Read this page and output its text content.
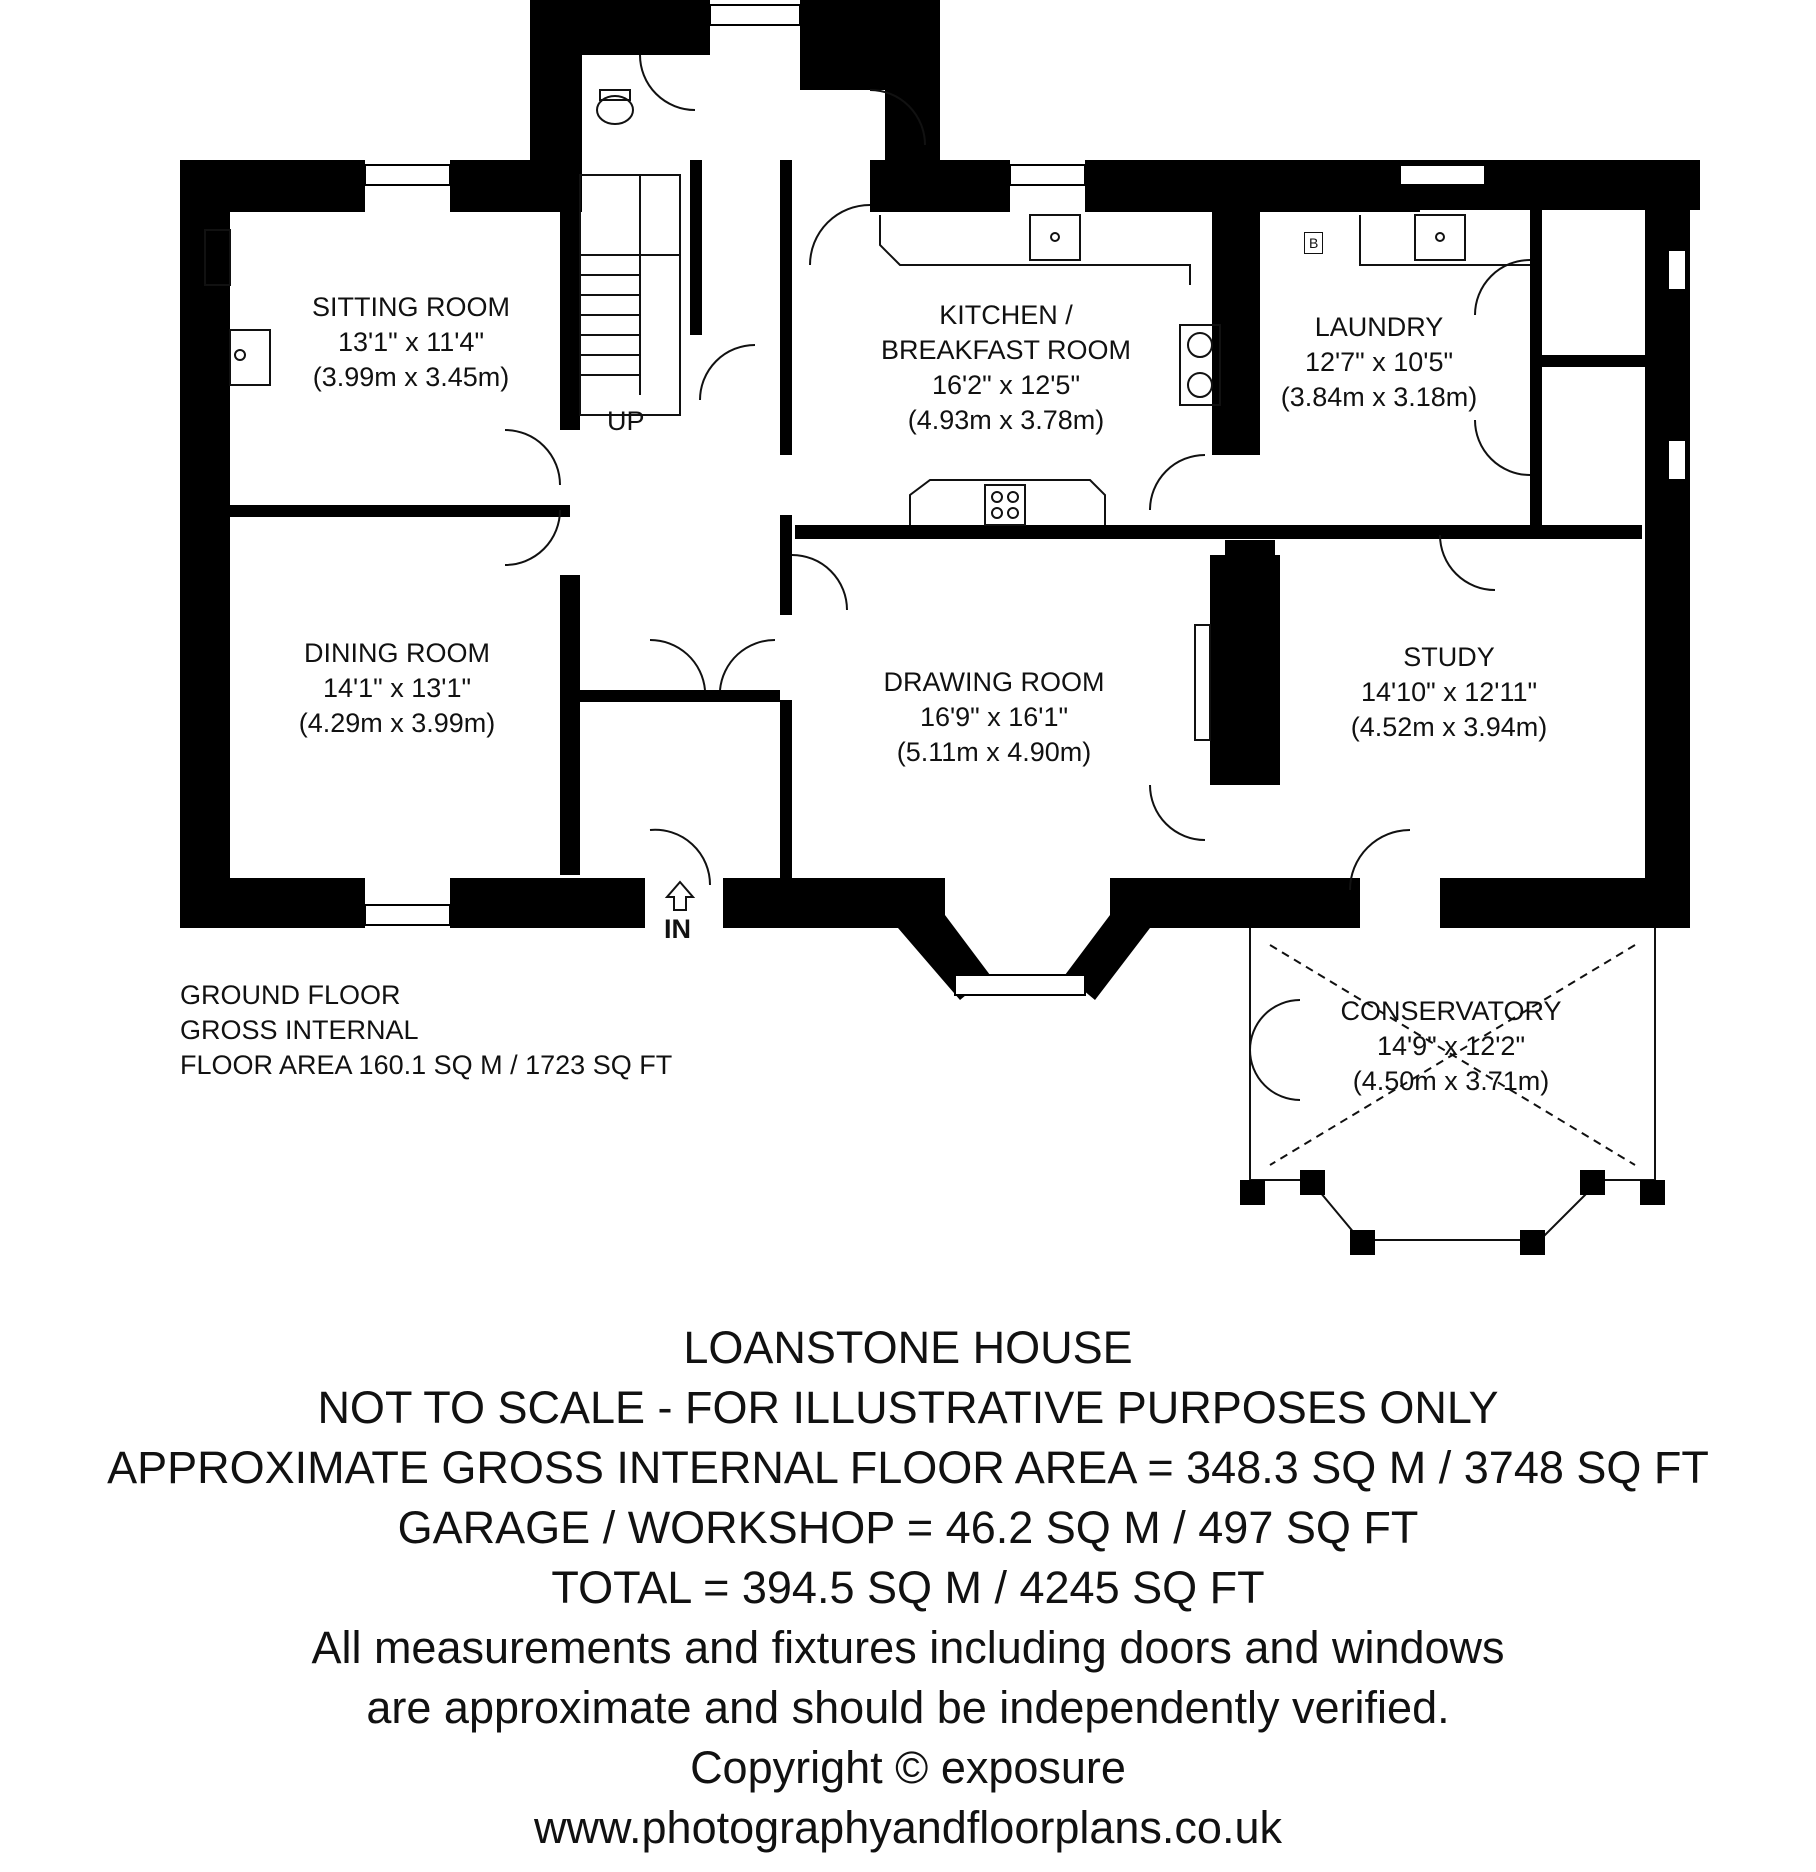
SITTING ROOM
13'1" x 11'4"
(3.99m x 3.45m)
DINING ROOM
14'1" x 13'1"
(4.29m x 3.99m)
KITCHEN /
BREAKFAST ROOM
16'2" x 12'5"
(4.93m x 3.78m)
LAUNDRY
12'7" x 10'5"
(3.84m x 3.18m)
DRAWING ROOM
16'9" x 16'1"
(5.11m x 4.90m)
STUDY
14'10" x 12'11"
(4.52m x 3.94m)
CONSERVATORY
14'9" x 12'2"
(4.50m x 3.71m)
UP
IN
B
GROUND FLOOR
GROSS INTERNAL
FLOOR AREA 160.1 SQ M / 1723 SQ FT
LOANSTONE HOUSE
NOT TO SCALE - FOR ILLUSTRATIVE PURPOSES ONLY
APPROXIMATE GROSS INTERNAL FLOOR AREA = 348.3 SQ M / 3748 SQ FT
GARAGE / WORKSHOP = 46.2 SQ M / 497 SQ FT
TOTAL = 394.5 SQ M / 4245 SQ FT
All measurements and fixtures including doors and windows
are approximate and should be independently verified.
Copyright © exposure
www.photographyandfloorplans.co.uk
